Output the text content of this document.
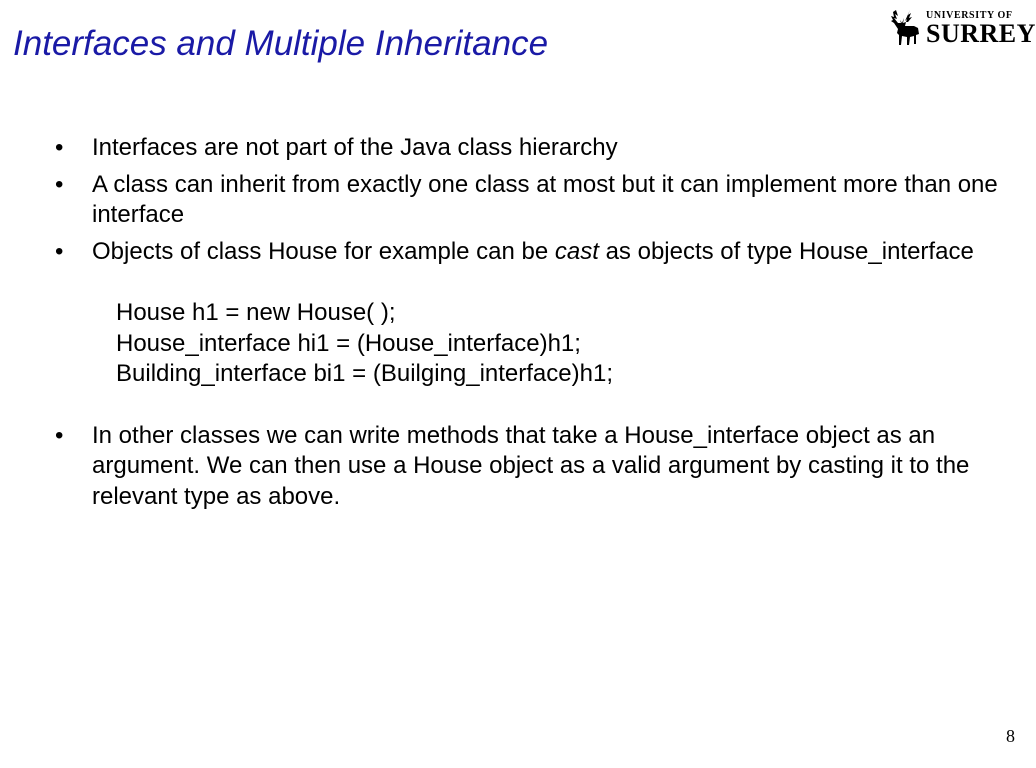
Interfaces and Multiple Inheritance
UNIVERSITY OF
SURREY
• Interfaces are not part of the Java class hierarchy
• A class can inherit from exactly one class at most but it can implement more than one interface
• Objects of class House for example can be cast as objects of type House_interface
House h1 = new House( );
House_interface hi1 = (House_interface)h1;
Building_interface bi1 = (Builging_interface)h1;
• In other classes we can write methods that take a House_interface object as an argument. We can then use a House object as a valid argument by casting it to the relevant type as above.
8
